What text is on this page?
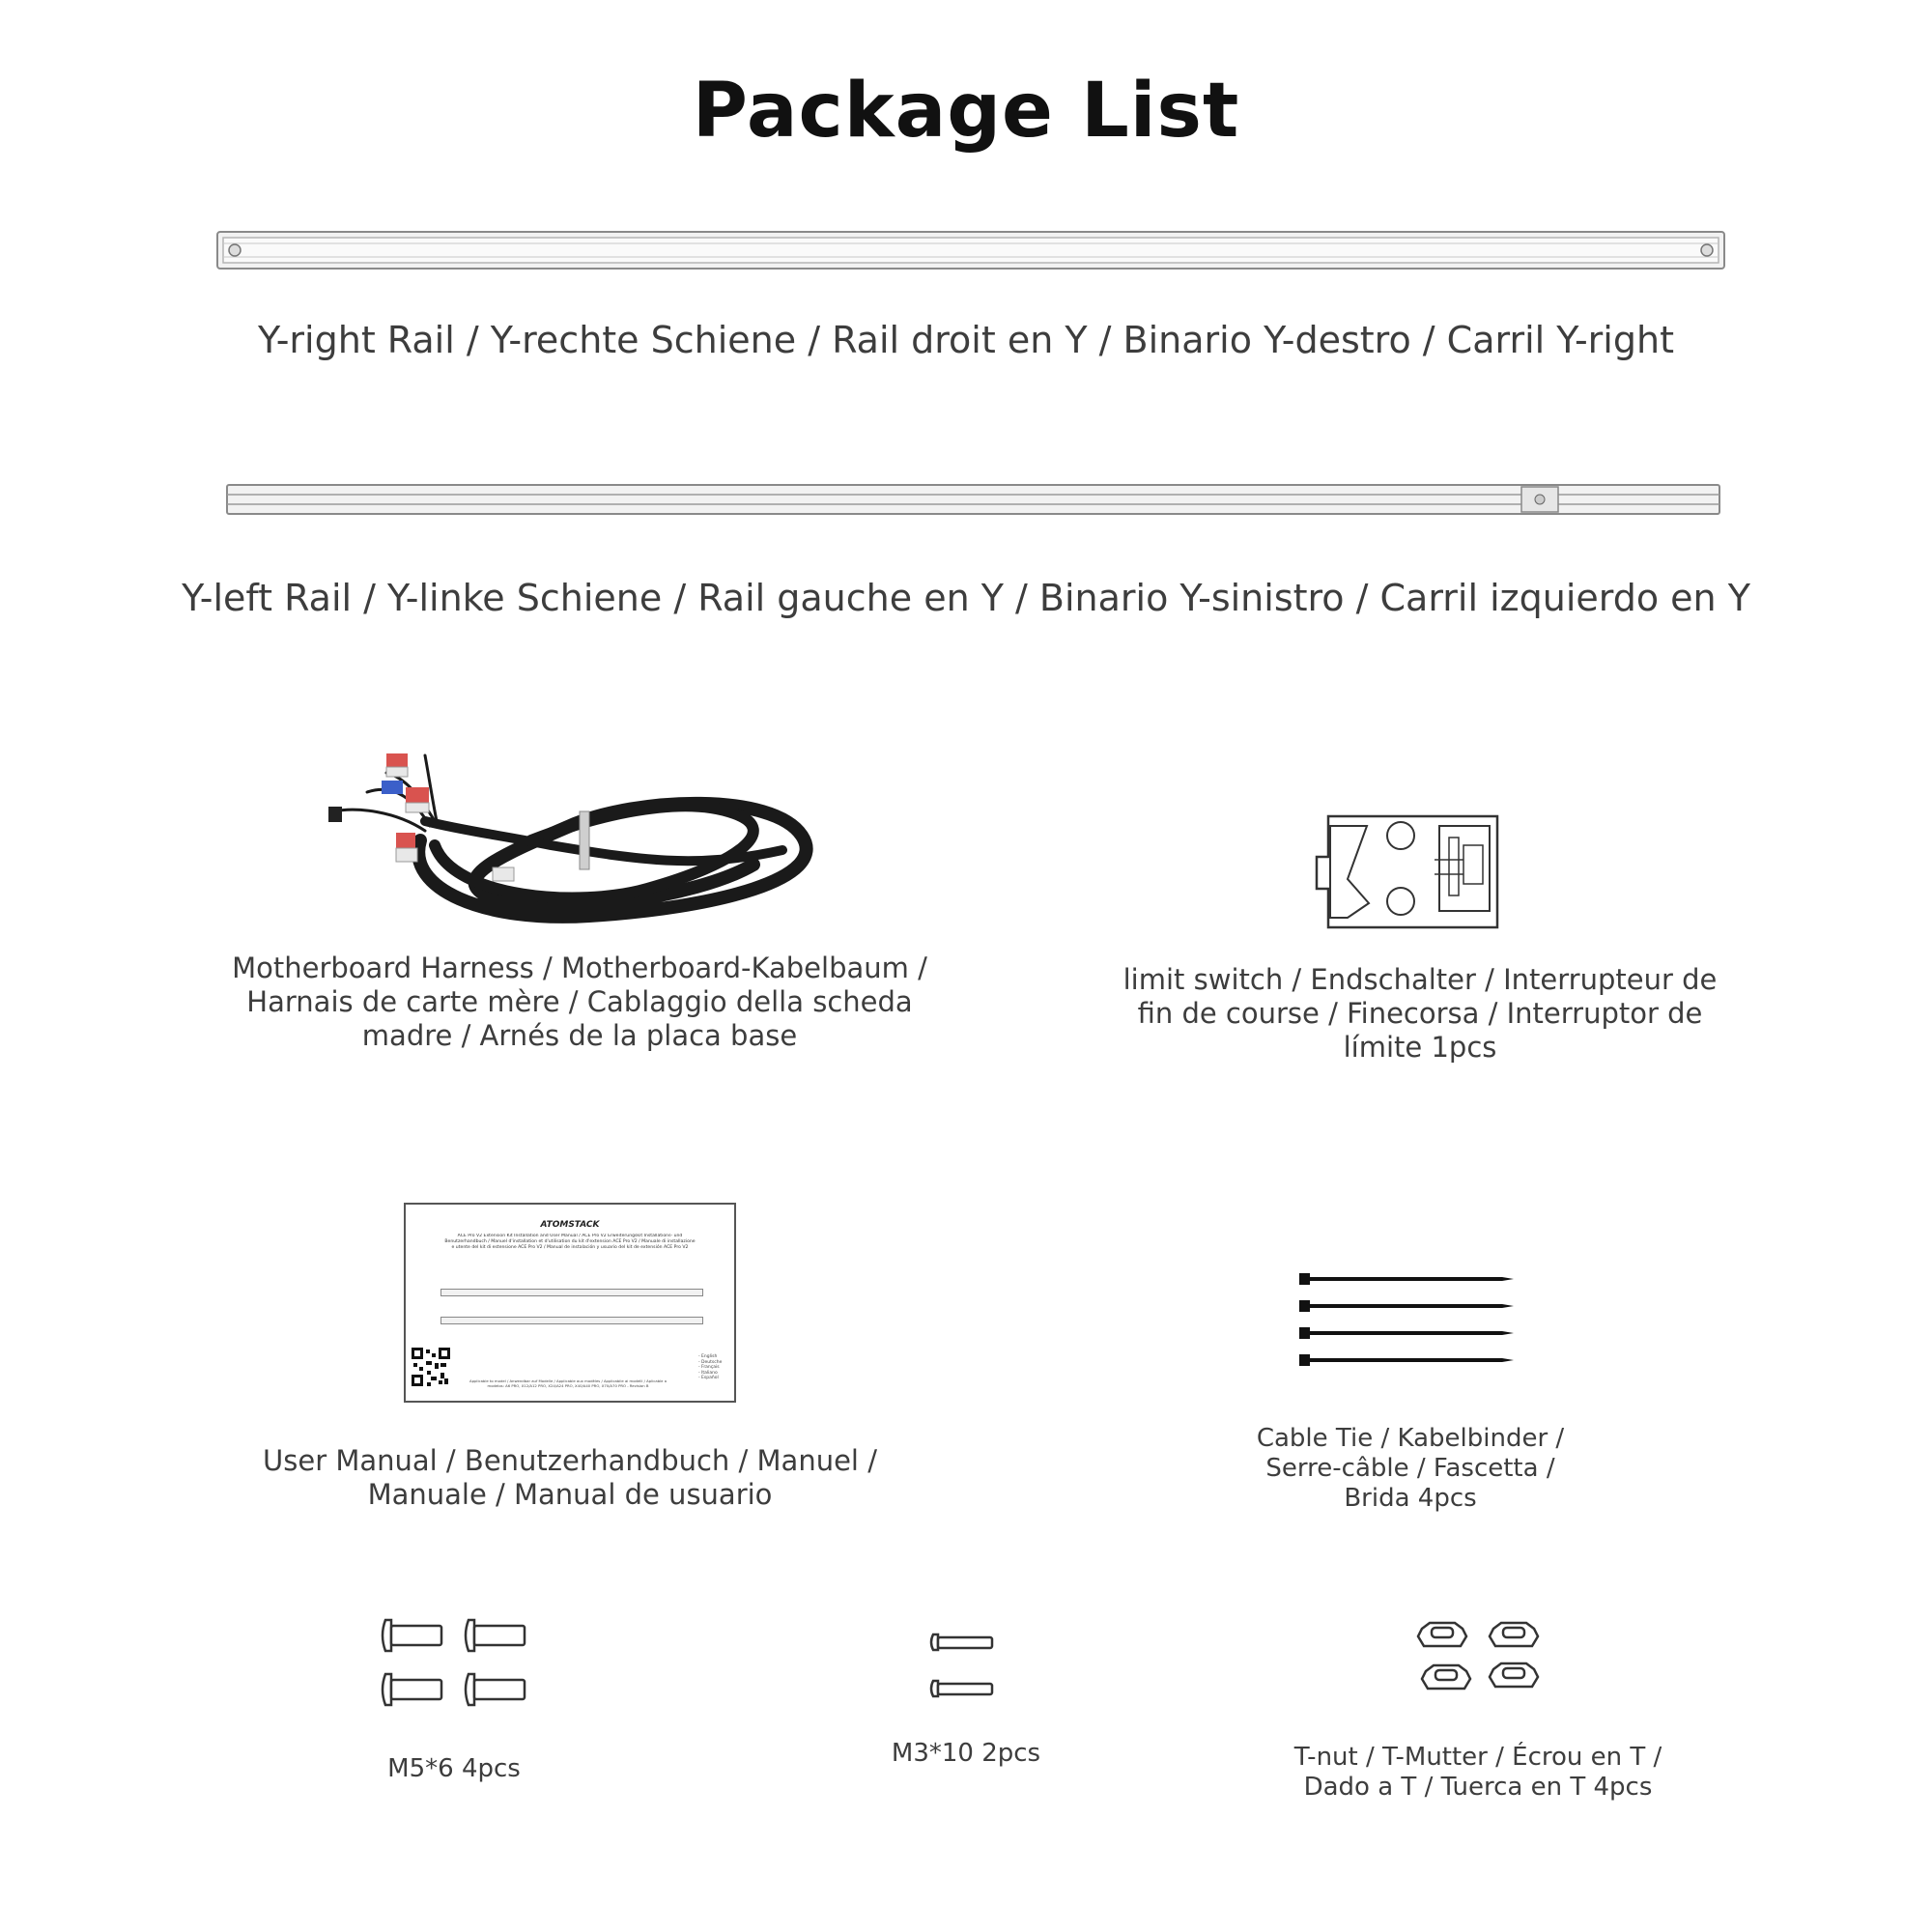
Package List
Y-right Rail / Y-rechte Schiene / Rail droit en Y / Binario Y-destro / Carril Y-right
Y-left Rail / Y-linke Schiene / Rail gauche en Y / Binario Y-sinistro / Carril izquierdo en Y
Motherboard Harness / Motherboard-Kabelbaum /
Harnais de carte mère / Cablaggio della scheda
madre / Arnés de la placa base
limit switch / Endschalter / Interrupteur de
fin de course / Finecorsa / Interruptor de
límite 1pcs
ATOMSTACK
ACE Pro V2 Extension Kit Installation and User Manual / ACE Pro V2 Erweiterungskit Installations- und Benutzerhandbuch / Manuel d'installation et d'utilisation du kit d'extension ACE Pro V2 / Manuale di installazione e utente del kit di estensione ACE Pro V2 / Manual de instalación y usuario del kit de extensión ACE Pro V2
Applicable to model / Anwendbar auf Modelle / Applicable aux modèles / Applicabile ai modelli / Aplicable a modelos: A6 PRO, X12/A12 PRO, X24/A24 PRO, X40/A40 PRO, X70/A70 PRO - Revision B
- English
- Deutsche
- Français
- Italiano
- Español
User Manual / Benutzerhandbuch / Manuel /
Manuale / Manual de usuario
Cable Tie / Kabelbinder /
Serre-câble / Fascetta /
Brida 4pcs
M5*6 4pcs
M3*10 2pcs	T-nut / T-Mutter / Écrou en T /
Dado a T / Tuerca en T 4pcs
